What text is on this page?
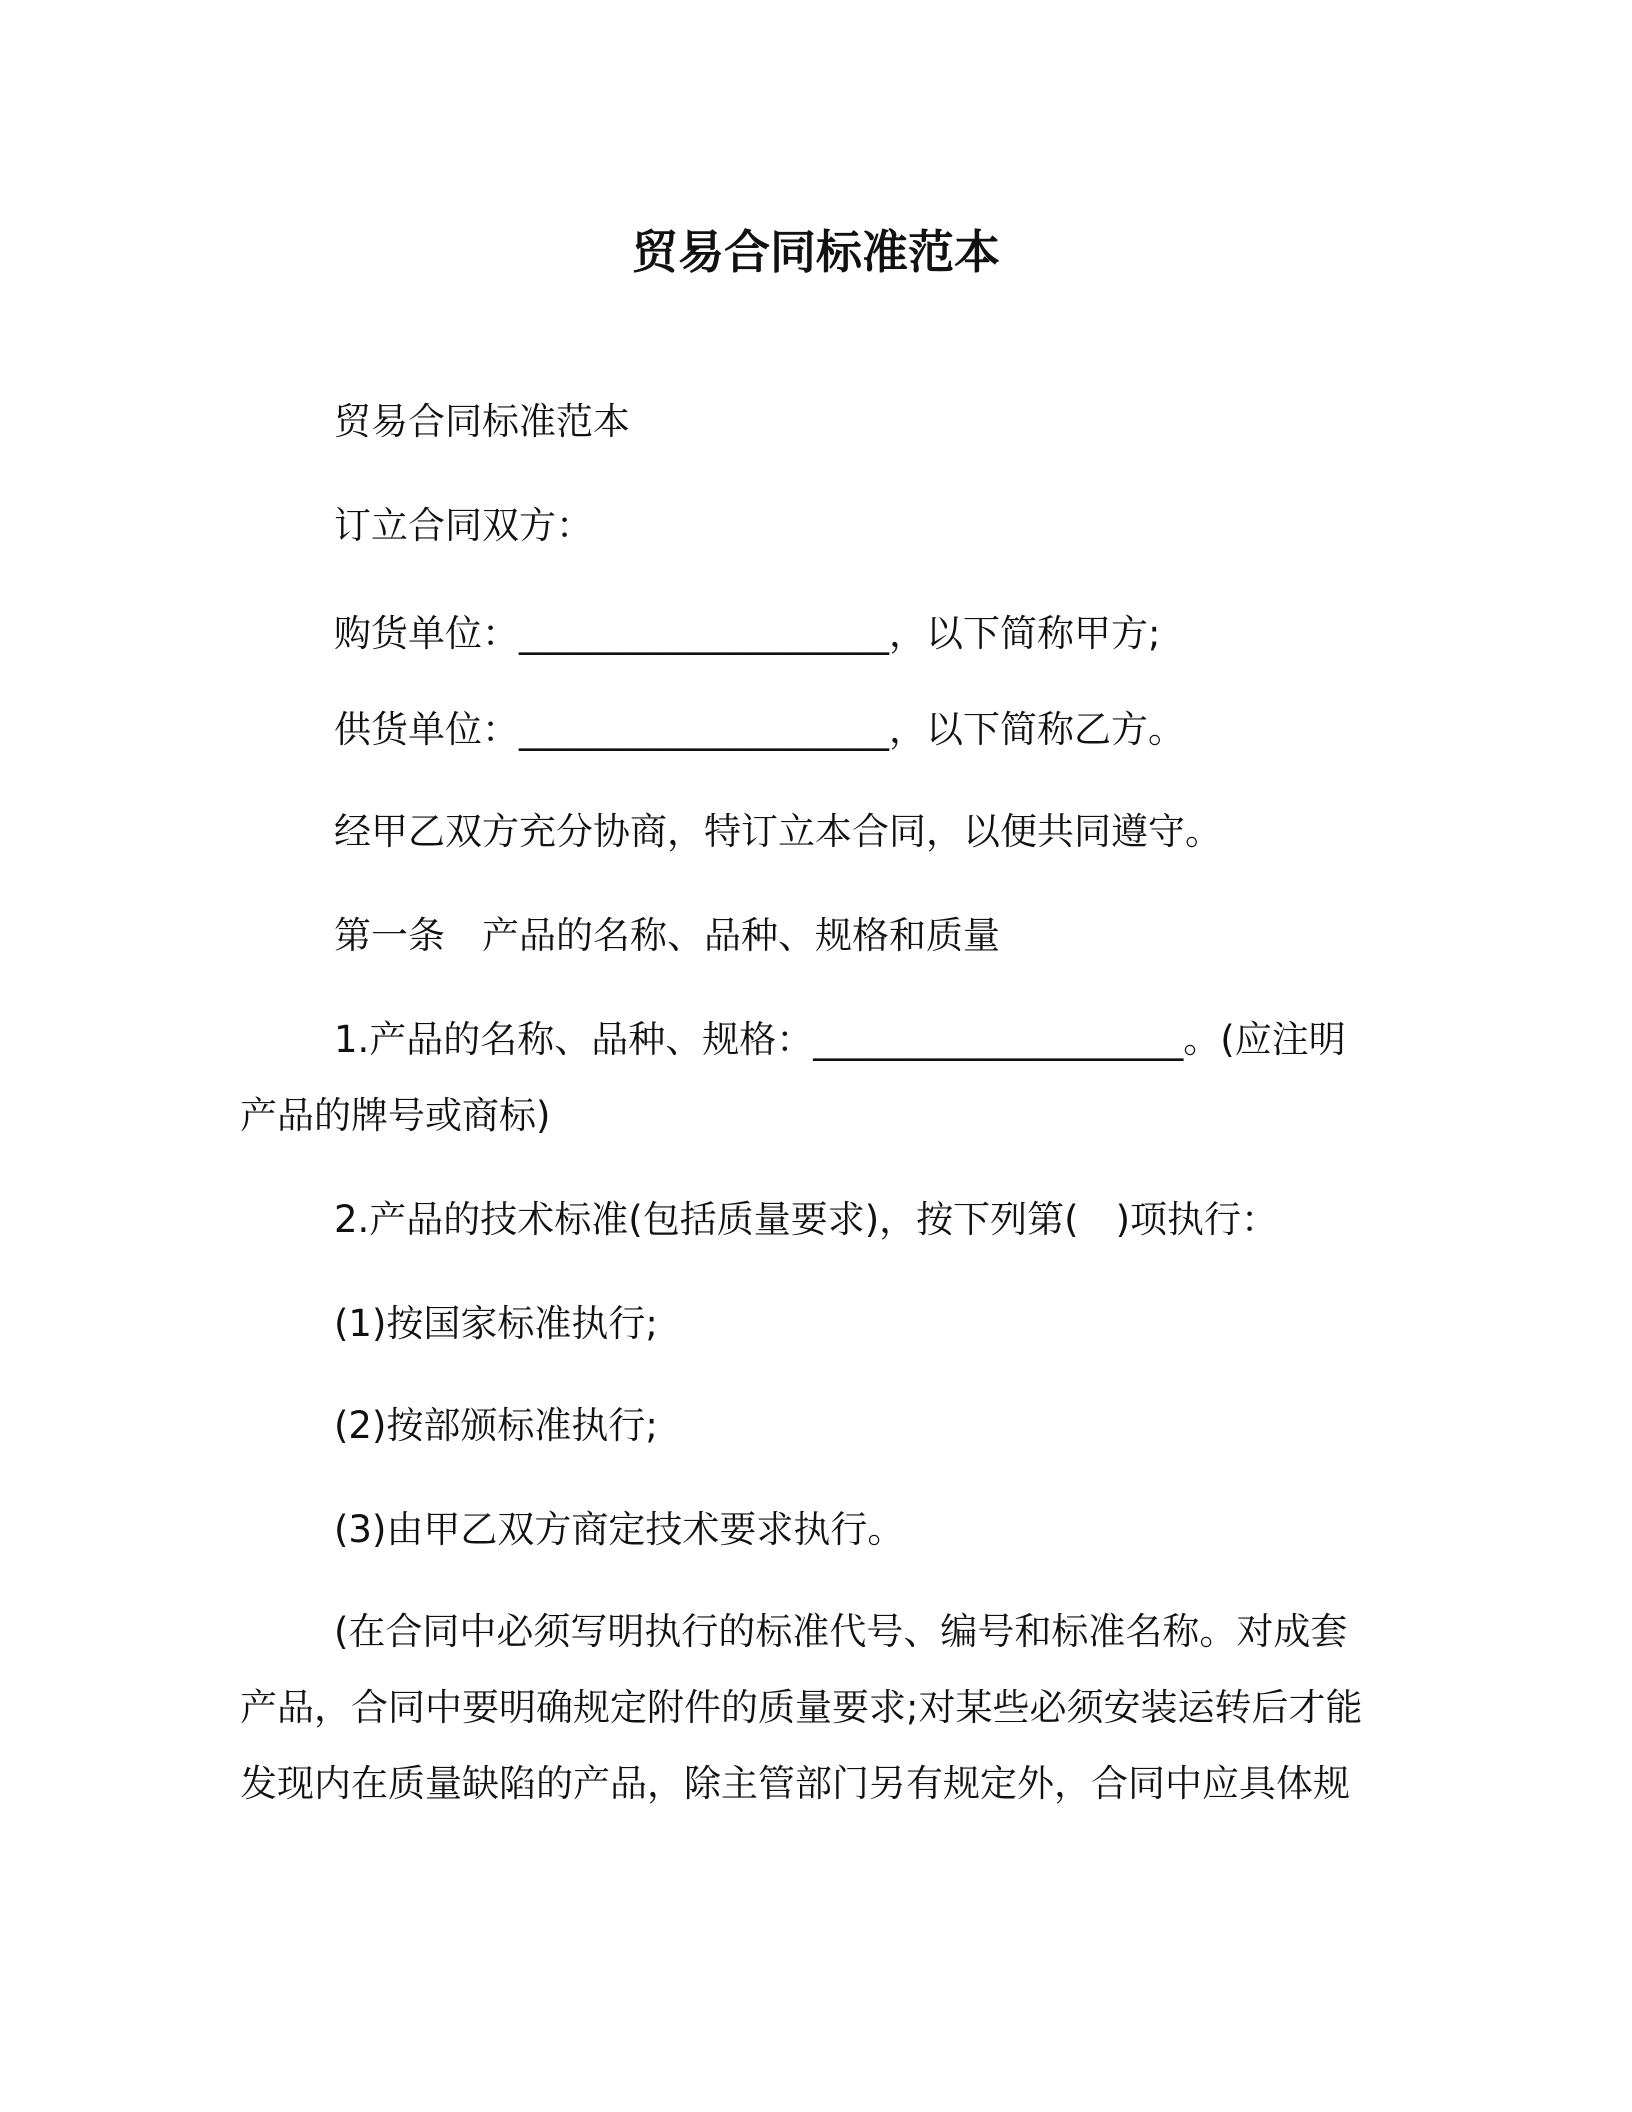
贸易合同标准范本
贸易合同标准范本
订立合同双方：
购货单位：____________________，以下简称甲方;
供货单位：____________________，以下简称乙方。
经甲乙双方充分协商，特订立本合同，以便共同遵守。
第一条　产品的名称、品种、规格和质量
1.产品的名称、品种、规格：____________________。(应注明
产品的牌号或商标)
2.产品的技术标准(包括质量要求)，按下列第(　)项执行：
(1)按国家标准执行;
(2)按部颁标准执行;
(3)由甲乙双方商定技术要求执行。
(在合同中必须写明执行的标准代号、编号和标准名称。对成套
产品，合同中要明确规定附件的质量要求;对某些必须安装运转后才能
发现内在质量缺陷的产品，除主管部门另有规定外，合同中应具体规
